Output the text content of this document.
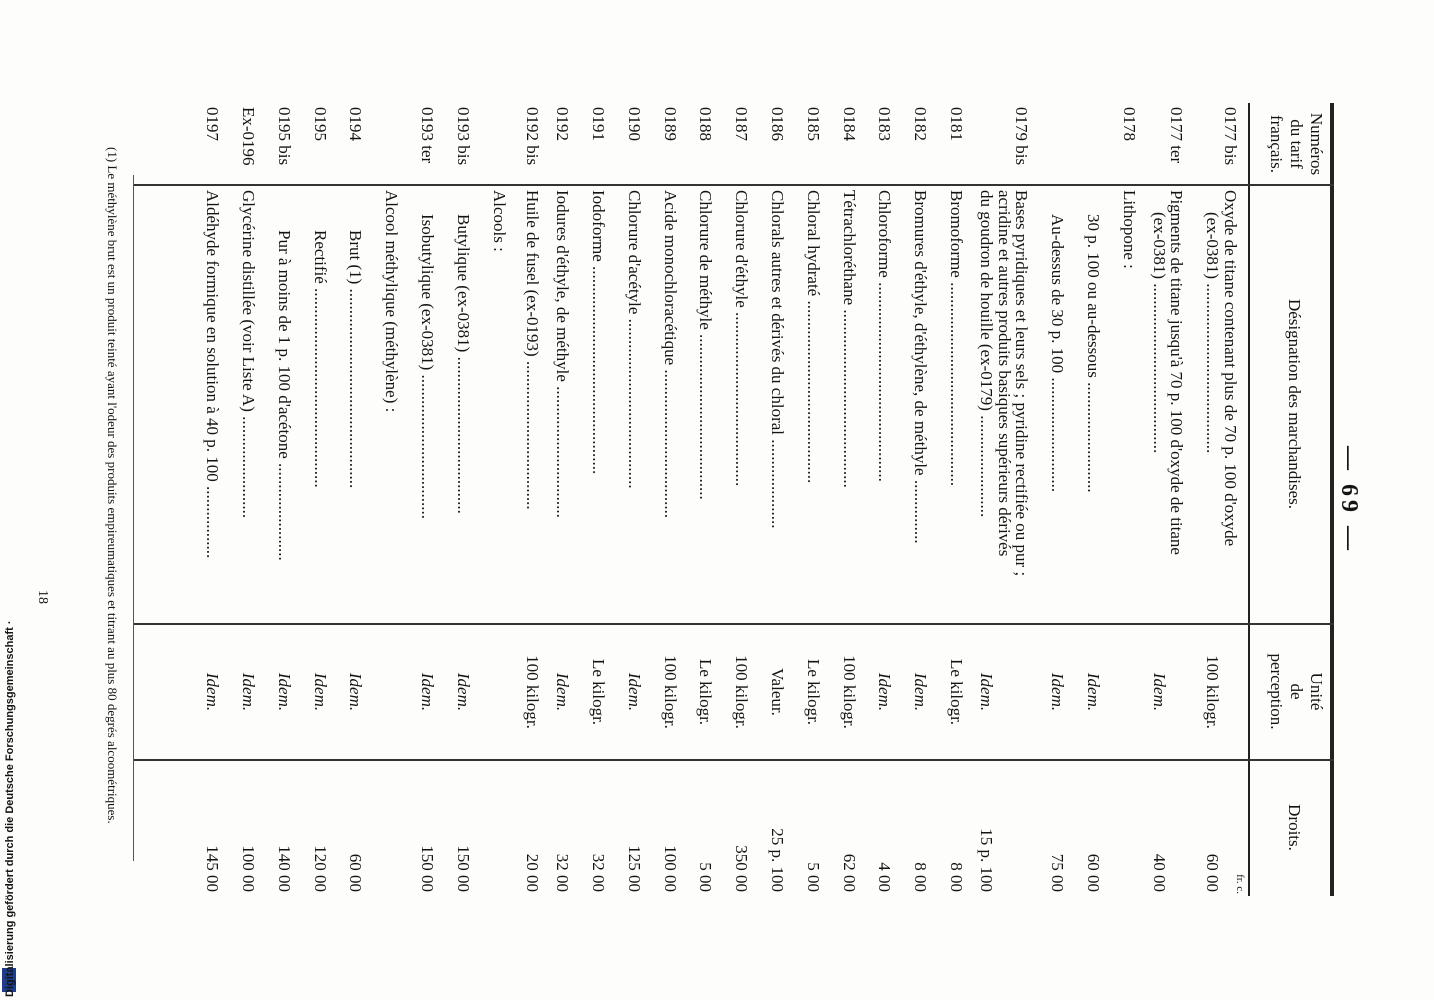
— 69 —
Numéros
du tarif
français.
Désignation des marchandises.
Unité
de
perception.
Droits.
fr. c.
0177 bis
Oxyde de titane contenant plus de 70 p. 100 d'oxyde
(ex-0381) ........................................
100 kilogr.
60 00
0177 ter
Pigments de titane jusqu'à 70 p. 100 d'oxyde de titane
(ex-0381) ........................................
Idem.
40 00
0178
Lithopone :
30 p. 100 ou au-dessous ..........................
Idem.
60 00
Au-dessus de 30 p. 100 ...........................
Idem.
75 00
0179 bis
Bases pyridiques et leurs sels ; pyridine rectifiée ou pur ;
acridine et autres produits basiques supérieurs dérivés
du goudron de houille (ex-0179) ........................
Idem.
15 p. 100
0181
Bromoforme ................................................
Le kilogr.
8 00
0182
Bromures d'éthyle, d'éthylène, de méthyle ...............
Idem.
8 00
0183
Chloroforme ...............................................
Idem.
4 00
0184
Tétrachloréthane ..........................................
100 kilogr.
62 00
0185
Chloral hydraté ...........................................
Le kilogr.
5 00
0186
Chlorals autres et dérivés du chloral .....................
Valeur.
25 p. 100
0187
Chlorure d'éthyle .........................................
100 kilogr.
350 00
0188
Chlorure de méthyle .......................................
Le kilogr.
5 00
0189
Acide monochloracétique ...................................
100 kilogr.
100 00
0190
Chlorure d'acétyle ........................................
Idem.
125 00
0191
Iodoforme .................................................
Le kilogr.
32 00
0192
Iodures d'éthyle, de méthyle ...............................
Idem.
32 00
0192 bis
Huile de fusel (ex-0193) ...................................
100 kilogr.
20 00
Alcools :
0193 bis
Butylique (ex-0381) .....................................
Idem.
150 00
0193 ter
Isobutylique (ex-0381) ..................................
Idem.
150 00
Alcool méthylique (méthylène) :
0194
Brut (1) ...............................................
Idem.
60 00
0195
Rectifié ...............................................
Idem.
120 00
0195 bis
Pur à moins de 1 p. 100 d'acétone .......................
Idem.
140 00
Ex-0196
Glycérine distillée (voir Liste A) ........................
Idem.
100 00
0197
Aldéhyde formique en solution à 40 p. 100 .................
Idem.
145 00
(1) Le méthylène brut est un produit teinté ayant l'odeur des produits empireumatiques et titrant au plus 80 degrés alcoométriques.
18
Digitalisierung gefördert durch die Deutsche Forschungsgemeinschaft ·
